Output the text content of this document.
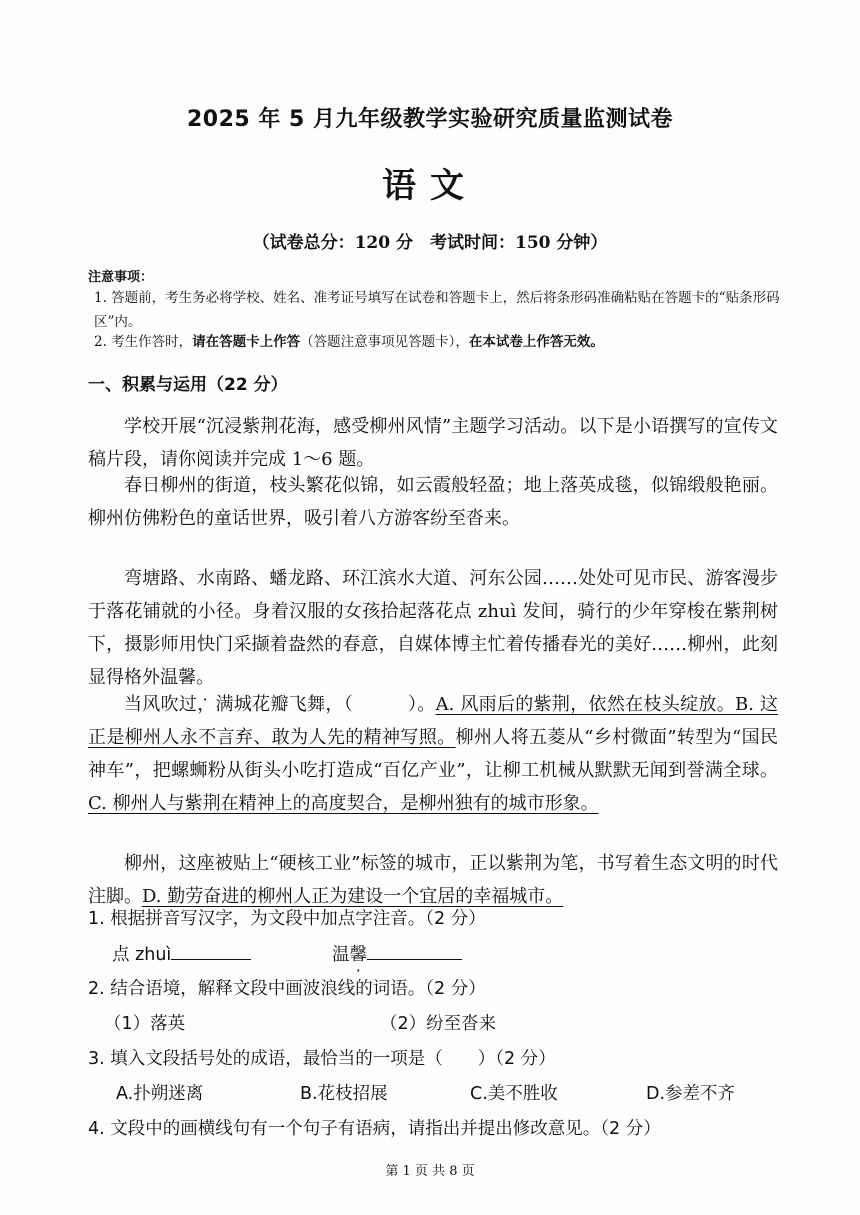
2025 年 5 月九年级教学实验研究质量监测试卷
语文
（试卷总分：120 分　考试时间：150 分钟）
注意事项：
1. 答题前，考生务必将学校、姓名、准考证号填写在试卷和答题卡上，然后将条形码准确粘贴在答题卡的“贴条形码区”内。
2. 考生作答时，请在答题卡上作答（答题注意事项见答题卡），在本试卷上作答无效。
一、积累与运用（22 分）
学校开展“沉浸紫荆花海，感受柳州风情”主题学习活动。以下是小语撰写的宣传文稿片段，请你阅读并完成 1～6 题。
春日柳州的街道，枝头繁花似锦，如云霞般轻盈；地上落英成毯，似锦缎般艳丽。柳州仿佛粉色的童话世界，吸引着八方游客纷至沓来。
弯塘路、水南路、蟠龙路、环江滨水大道、河东公园……处处可见市民、游客漫步于落花铺就的小径。身着汉服的女孩拾起落花点 zhuì 发间，骑行的少年穿梭在紫荆树下，摄影师用快门采撷着盎然的春意，自媒体博主忙着传播春光的美好……柳州，此刻显得格外温馨。
当风吹过，满城花瓣飞舞，（　　　）。A. 风雨后的紫荆，依然在枝头绽放。B. 这正是柳州人永不言弃、敢为人先的精神写照。柳州人将五菱从“乡村微面”转型为“国民神车”，把螺蛳粉从街头小吃打造成“百亿产业”，让柳工机械从默默无闻到誉满全球。C. 柳州人与紫荆在精神上的高度契合，是柳州独有的城市形象。
柳州，这座被贴上“硬核工业”标签的城市，正以紫荆为笔，书写着生态文明的时代注脚。D. 勤劳奋进的柳州人正为建设一个宜居的幸福城市。
1. 根据拼音写汉字，为文段中加点字注音。（2 分）
点 zhuì	温馨
2. 结合语境，解释文段中画波浪线的词语。（2 分）
（1）落英	（2）纷至沓来
3. 填入文段括号处的成语，最恰当的一项是（　　）（2 分）
A.扑朔迷离	B.花枝招展	C.美不胜收	D.参差不齐
4. 文段中的画横线句有一个句子有语病，请指出并提出修改意见。（2 分）
第 1 页 共 8 页
